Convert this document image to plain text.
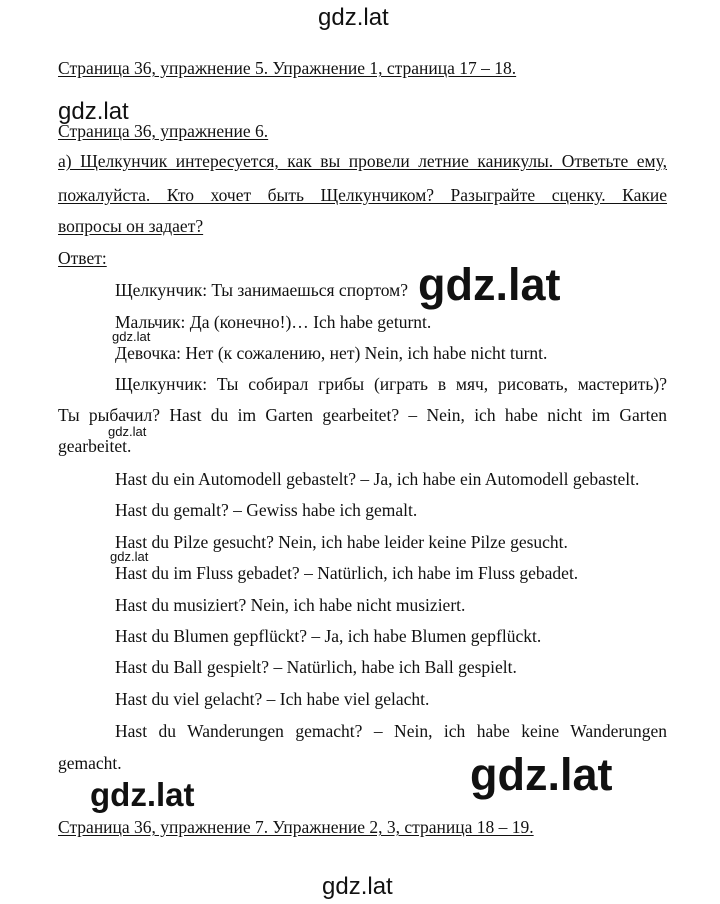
gdz.lat
gdz.lat
gdz.lat
gdz.lat
gdz.lat
gdz.lat
gdz.lat
gdz.lat
gdz.lat
Страница 36, упражнение 5. Упражнение 1, страница 17 – 18.
Страница 36, упражнение 6.
а) Щелкунчик интересуется, как вы провели летние каникулы. Ответьте ему,
пожалуйста. Кто хочет быть Щелкунчиком? Разыграйте сценку. Какие
вопросы он задает?
Ответ:
Щелкунчик: Ты занимаешься спортом?
Мальчик: Да (конечно!)… Ich habe geturnt.
Девочка: Нет (к сожалению, нет) Nein, ich habe nicht turnt.
Щелкунчик: Ты собирал грибы (играть в мяч, рисовать, мастерить)?
Ты рыбачил? Hast du im Garten gearbeitet? – Nein, ich habe nicht im Garten
gearbeitet.
Hast du ein Automodell gebastelt? – Ja, ich habe ein Automodell gebastelt.
Hast du gemalt? – Gewiss habe ich gemalt.
Hast du Pilze gesucht? Nein, ich habe leider keine Pilze gesucht.
Hast du im Fluss gebadet? – Natürlich, ich habe im Fluss gebadet.
Hast du musiziert? Nein, ich habe nicht musiziert.
Hast du Blumen gepflückt? – Ja, ich habe Blumen gepflückt.
Hast du Ball gespielt? – Natürlich, habe ich Ball gespielt.
Hast du viel gelacht? – Ich habe viel gelacht.
Hast du Wanderungen gemacht? – Nein, ich habe keine Wanderungen
gemacht.
Страница 36, упражнение 7. Упражнение 2, 3, страница 18 – 19.
